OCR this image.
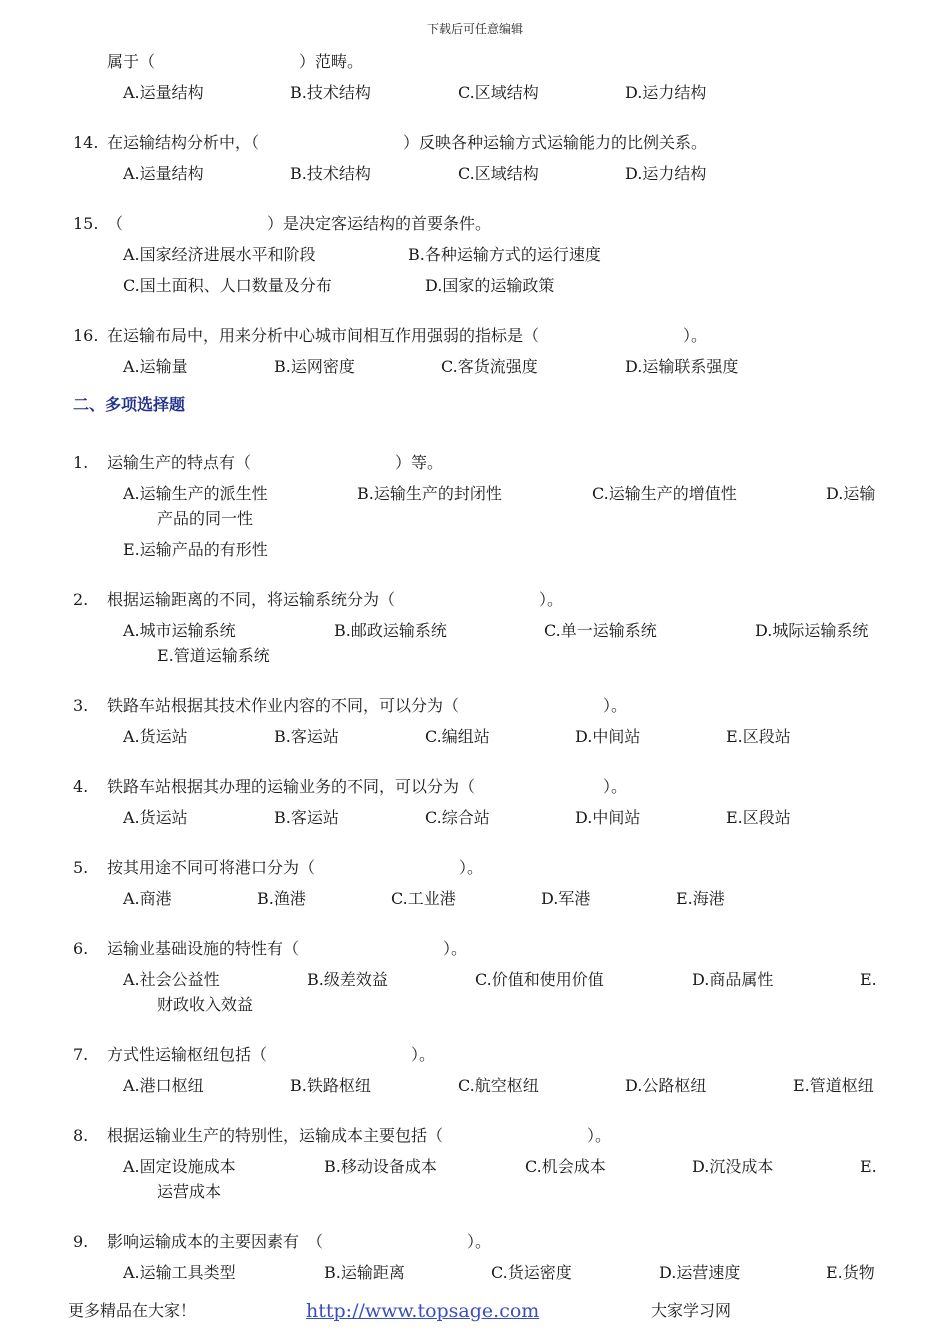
下载后可任意编辑
属于（　　　　　　　　　）范畴。
A.运量结构	B.技术结构	C.区域结构	D.运力结构
14. 在运输结构分析中，（　　　　　　　　　）反映各种运输方式运输能力的比例关系。
A.运量结构	B.技术结构	C.区域结构	D.运力结构
15. （　　　　　　　　　）是决定客运结构的首要条件。
A.国家经济进展水平和阶段	B.各种运输方式的运行速度
C.国土面积、人口数量及分布	D.国家的运输政策
16. 在运输布局中，用来分析中心城市间相互作用强弱的指标是（　　　　　　　　　）。
A.运输量	B.运网密度	C.客货流强度	D.运输联系强度
二、多项选择题
1. 运输生产的特点有（　　　　　　　　　）等。
A.运输生产的派生性	B.运输生产的封闭性	C.运输生产的增值性	D.运输
产品的同一性
E.运输产品的有形性
2. 根据运输距离的不同，将运输系统分为（　　　　　　　　　）。
A.城市运输系统	B.邮政运输系统	C.单一运输系统	D.城际运输系统
E.管道运输系统
3. 铁路车站根据其技术作业内容的不同，可以分为（　　　　　　　　　）。
A.货运站	B.客运站	C.编组站	D.中间站	E.区段站
4. 铁路车站根据其办理的运输业务的不同，可以分为（　　　　　　　　）。
A.货运站	B.客运站	C.综合站	D.中间站	E.区段站
5. 按其用途不同可将港口分为（　　　　　　　　　）。
A.商港	B.渔港	C.工业港	D.军港	E.海港
6. 运输业基础设施的特性有（　　　　　　　　　）。
A.社会公益性	B.级差效益	C.价值和使用价值	D.商品属性	E.
财政收入效益
7. 方式性运输枢纽包括（　　　　　　　　　）。
A.港口枢纽	B.铁路枢纽	C.航空枢纽	D.公路枢纽	E.管道枢纽
8. 根据运输业生产的特别性，运输成本主要包括（　　　　　　　　　）。
A.固定设施成本	B.移动设备成本	C.机会成本	D.沉没成本	E.
运营成本
9. 影响运输成本的主要因素有　（　　　　　　　　　）。
A.运输工具类型	B.运输距离	C.货运密度	D.运营速度	E.货物
更多精品在大家！	http://www.topsage.com	大家学习网
